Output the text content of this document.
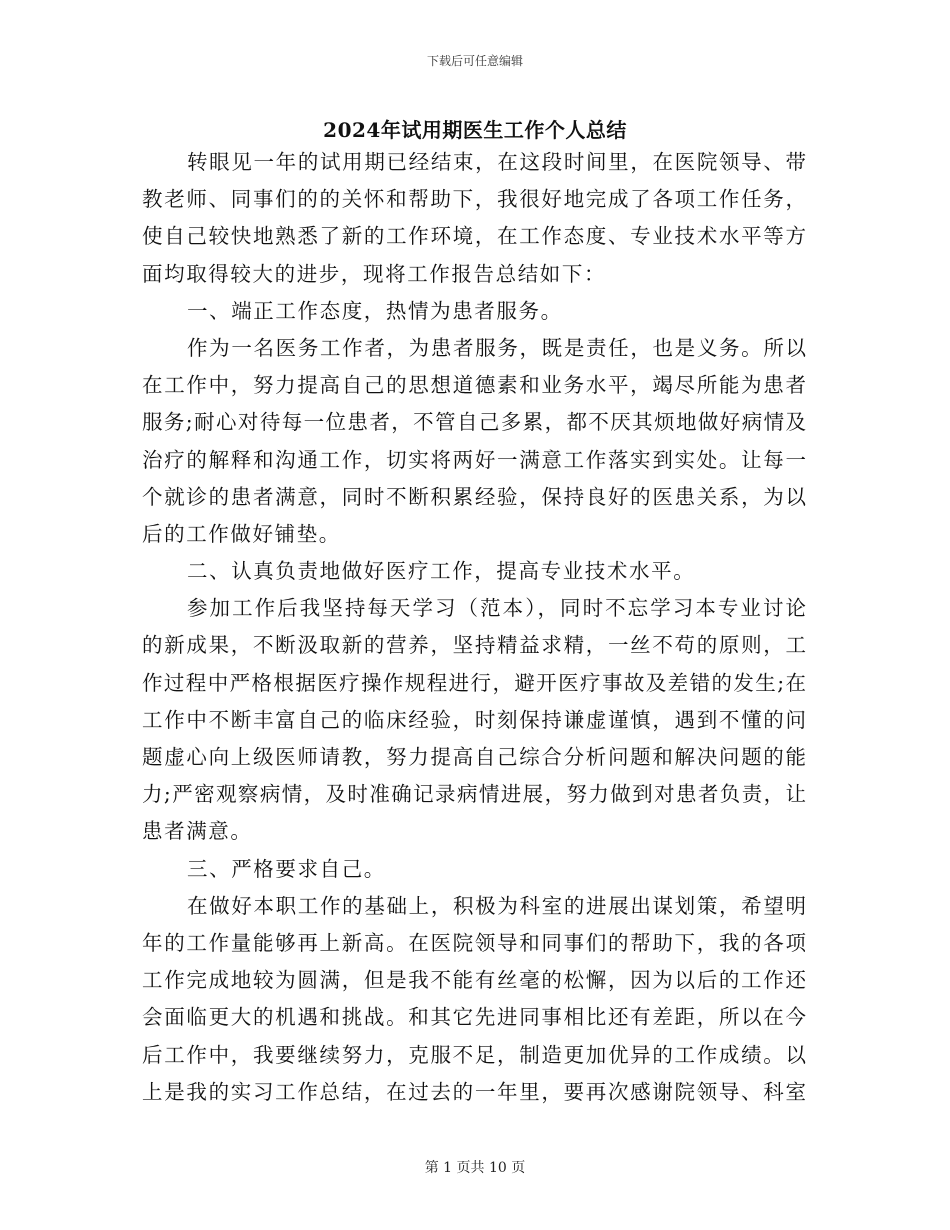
下载后可任意编辑
2024年试用期医生工作个人总结
转眼见一年的试用期已经结束，在这段时间里，在医院领导、带
教老师、同事们的的关怀和帮助下，我很好地完成了各项工作任务，
使自己较快地熟悉了新的工作环境，在工作态度、专业技术水平等方
面均取得较大的进步，现将工作报告总结如下：
一、端正工作态度，热情为患者服务。
作为一名医务工作者，为患者服务，既是责任，也是义务。所以
在工作中，努力提高自己的思想道德素和业务水平，竭尽所能为患者
服务;耐心对待每一位患者，不管自己多累，都不厌其烦地做好病情及
治疗的解释和沟通工作，切实将两好一满意工作落实到实处。让每一
个就诊的患者满意，同时不断积累经验，保持良好的医患关系，为以
后的工作做好铺垫。
二、认真负责地做好医疗工作，提高专业技术水平。
参加工作后我坚持每天学习（范本），同时不忘学习本专业讨论
的新成果，不断汲取新的营养，坚持精益求精，一丝不苟的原则，工
作过程中严格根据医疗操作规程进行，避开医疗事故及差错的发生;在
工作中不断丰富自己的临床经验，时刻保持谦虚谨慎，遇到不懂的问
题虚心向上级医师请教，努力提高自己综合分析问题和解决问题的能
力;严密观察病情，及时准确记录病情进展，努力做到对患者负责，让
患者满意。
三、严格要求自己。
在做好本职工作的基础上，积极为科室的进展出谋划策，希望明
年的工作量能够再上新高。在医院领导和同事们的帮助下，我的各项
工作完成地较为圆满，但是我不能有丝毫的松懈，因为以后的工作还
会面临更大的机遇和挑战。和其它先进同事相比还有差距，所以在今
后工作中，我要继续努力，克服不足，制造更加优异的工作成绩。以
上是我的实习工作总结，在过去的一年里，要再次感谢院领导、科室
第 1 页共 10 页
